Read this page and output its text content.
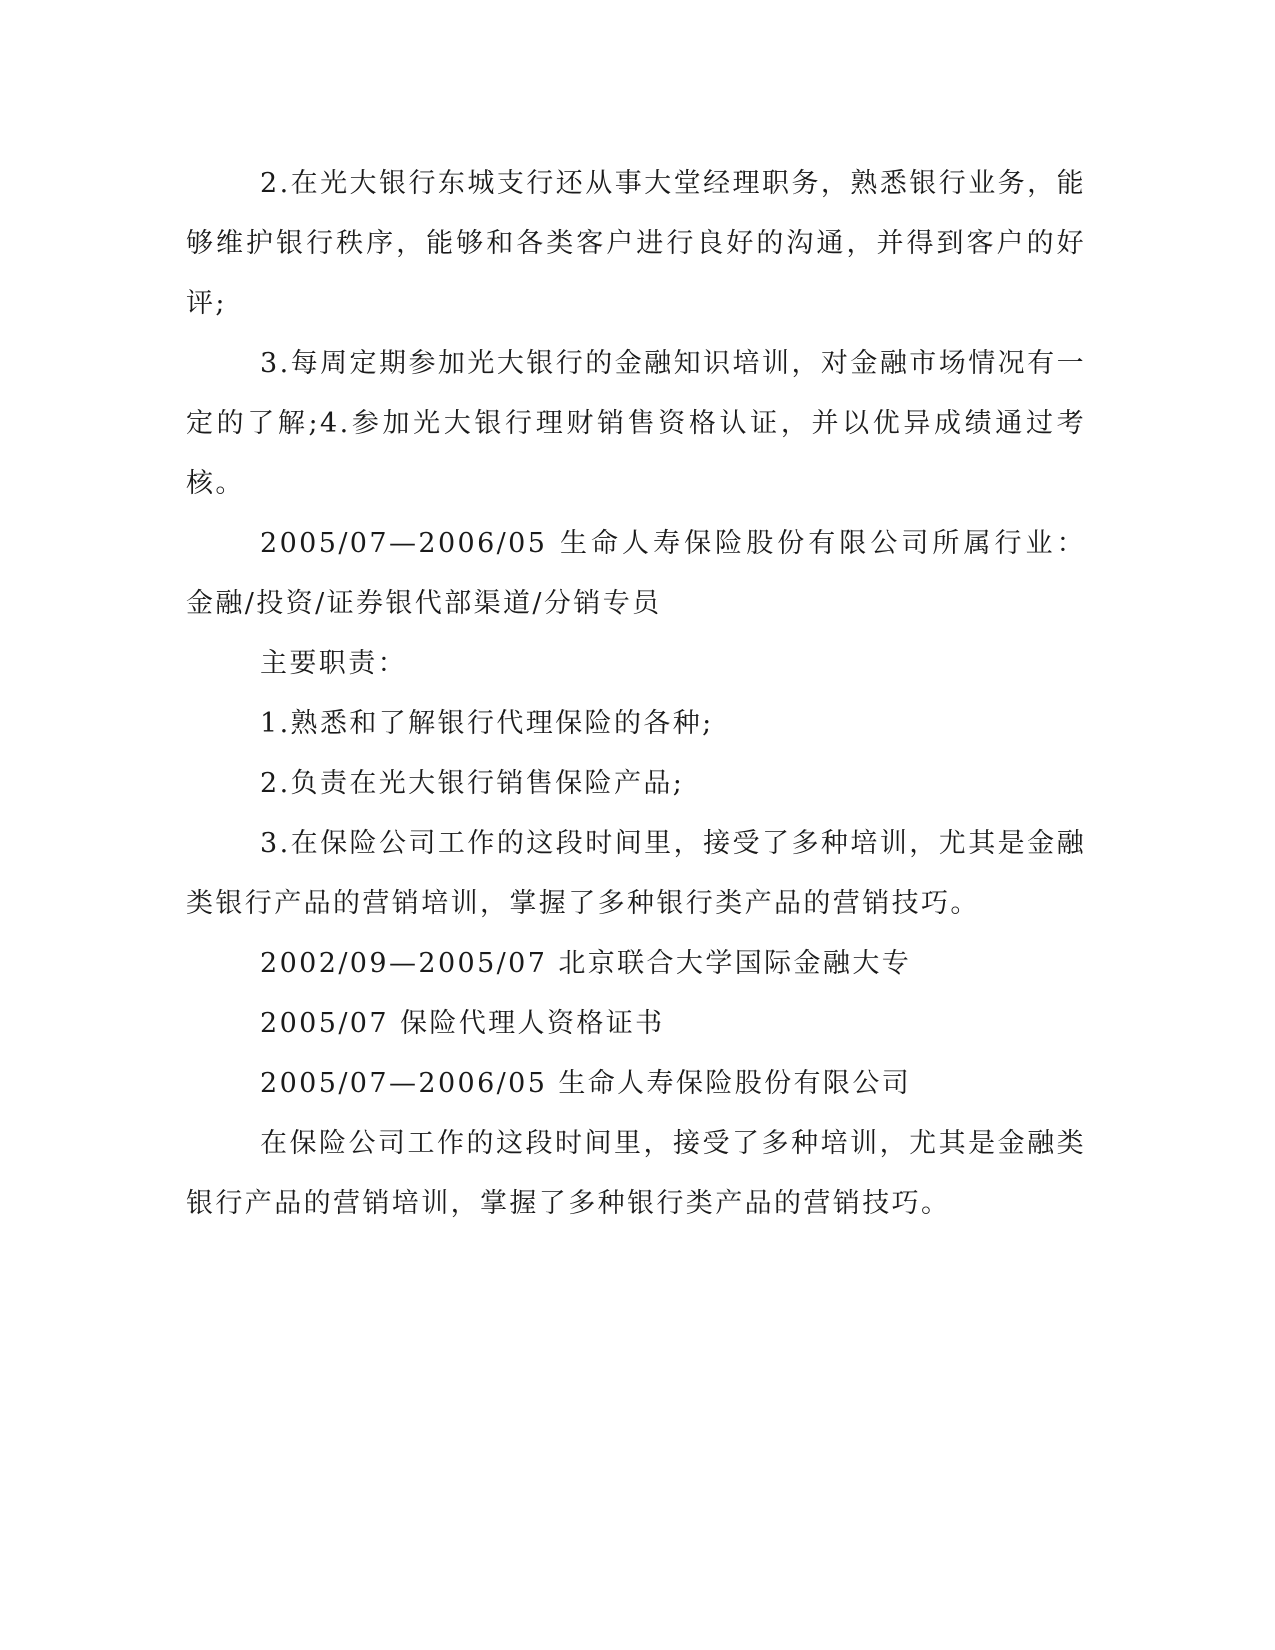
2.在光大银行东城支行还从事大堂经理职务，熟悉银行业务，能够维护银行秩序，能够和各类客户进行良好的沟通，并得到客户的好评;

3.每周定期参加光大银行的金融知识培训，对金融市场情况有一定的了解;4.参加光大银行理财销售资格认证，并以优异成绩通过考核。

2005/07—2006/05 生命人寿保险股份有限公司所属行业：金融/投资/证券银代部渠道/分销专员

主要职责：

1.熟悉和了解银行代理保险的各种;

2.负责在光大银行销售保险产品;

3.在保险公司工作的这段时间里，接受了多种培训，尤其是金融类银行产品的营销培训，掌握了多种银行类产品的营销技巧。

2002/09—2005/07 北京联合大学国际金融大专

2005/07 保险代理人资格证书

2005/07—2006/05 生命人寿保险股份有限公司

在保险公司工作的这段时间里，接受了多种培训，尤其是金融类银行产品的营销培训，掌握了多种银行类产品的营销技巧。
